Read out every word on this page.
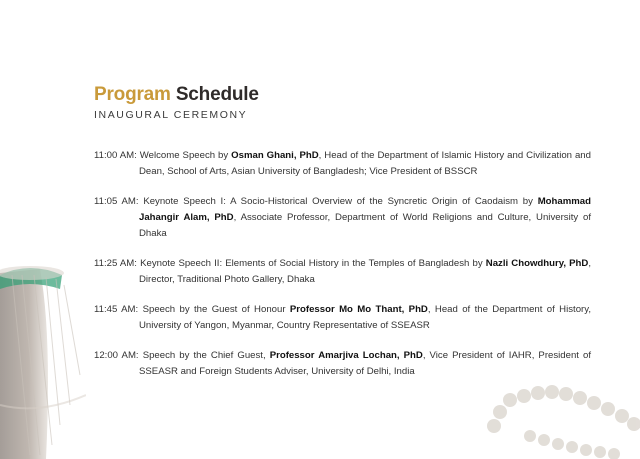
Program Schedule
INAUGURAL CEREMONY

11:00 AM: Welcome Speech by Osman Ghani, PhD, Head of the Department of Islamic History and Civilization and Dean, School of Arts, Asian University of Bangladesh; Vice President of BSSCR

11:05 AM: Keynote Speech I: A Socio-Historical Overview of the Syncretic Origin of Caodaism by Mohammad Jahangir Alam, PhD, Associate Professor, Department of World Religions and Culture, University of Dhaka

11:25 AM: Keynote Speech II: Elements of Social History in the Temples of Bangladesh by Nazli Chowdhury, PhD, Director, Traditional Photo Gallery, Dhaka

11:45 AM: Speech by the Guest of Honour Professor Mo Mo Thant, PhD, Head of the Department of History, University of Yangon, Myanmar, Country Representative of SSEASR

12:00 AM: Speech by the Chief Guest, Professor Amarjiva Lochan, PhD, Vice President of IAHR, President of SSEASR and Foreign Students Adviser, University of Delhi, India
